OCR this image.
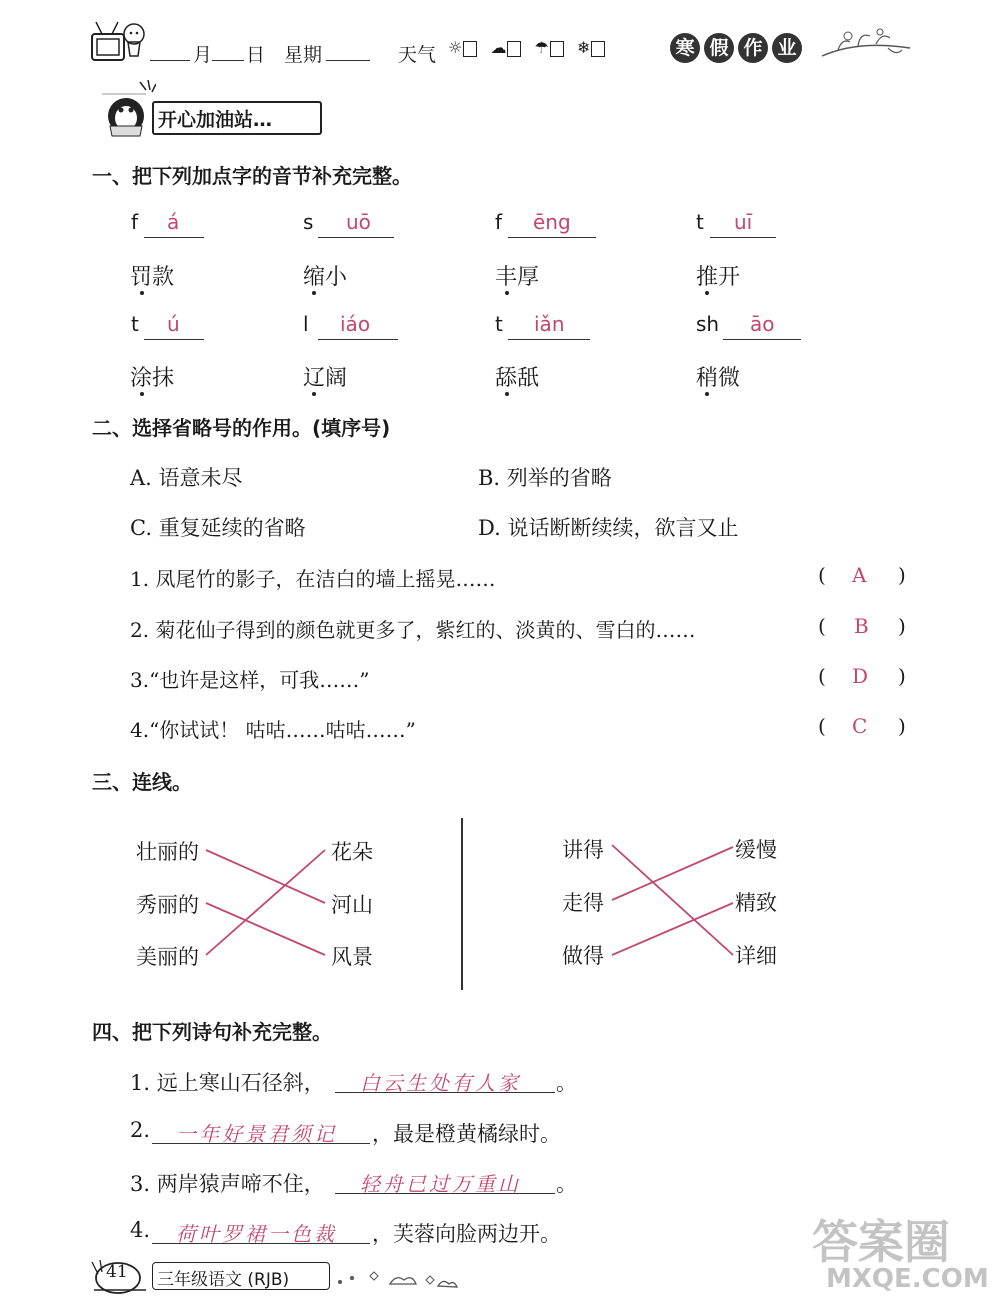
月 日 星期	天气 ☼ ☁ ☂ ❄	寒 假 作 业
开心加油站…
一、把下列加点字的音节补充完整。
f á
罚款
s uō
缩小
f ēng
丰厚
t uī
推开
t ú
涂抹
l iáo
辽阔
t iǎn
舔舐
sh āo
稍微
二、选择省略号的作用。(填序号)
A. 语意未尽	B. 列举的省略
C. 重复延续的省略	D. 说话断断续续，欲言又止
1. 凤尾竹的影子，在洁白的墙上摇晃……	( A )
2. 菊花仙子得到的颜色就更多了，紫红的、淡黄的、雪白的……	( B )
3.“也许是这样，可我……”	( D )
4.“你试试！ 咕咕……咕咕……”	( C )
三、连线。
壮丽的
秀丽的
美丽的
花朵
河山
风景
讲得
走得
做得
缓慢
精致
详细
四、把下列诗句补充完整。
1. 远上寒山石径斜， 白云生处有人家 。
2. 一年好景君须记 ，最是橙黄橘绿时。
3. 两岸猿声啼不住， 轻舟已过万重山 。
4. 荷叶罗裙一色裁 ，芙蓉向脸两边开。
41 三年级语文 (RJB)
答案圈
MXQE.COM
